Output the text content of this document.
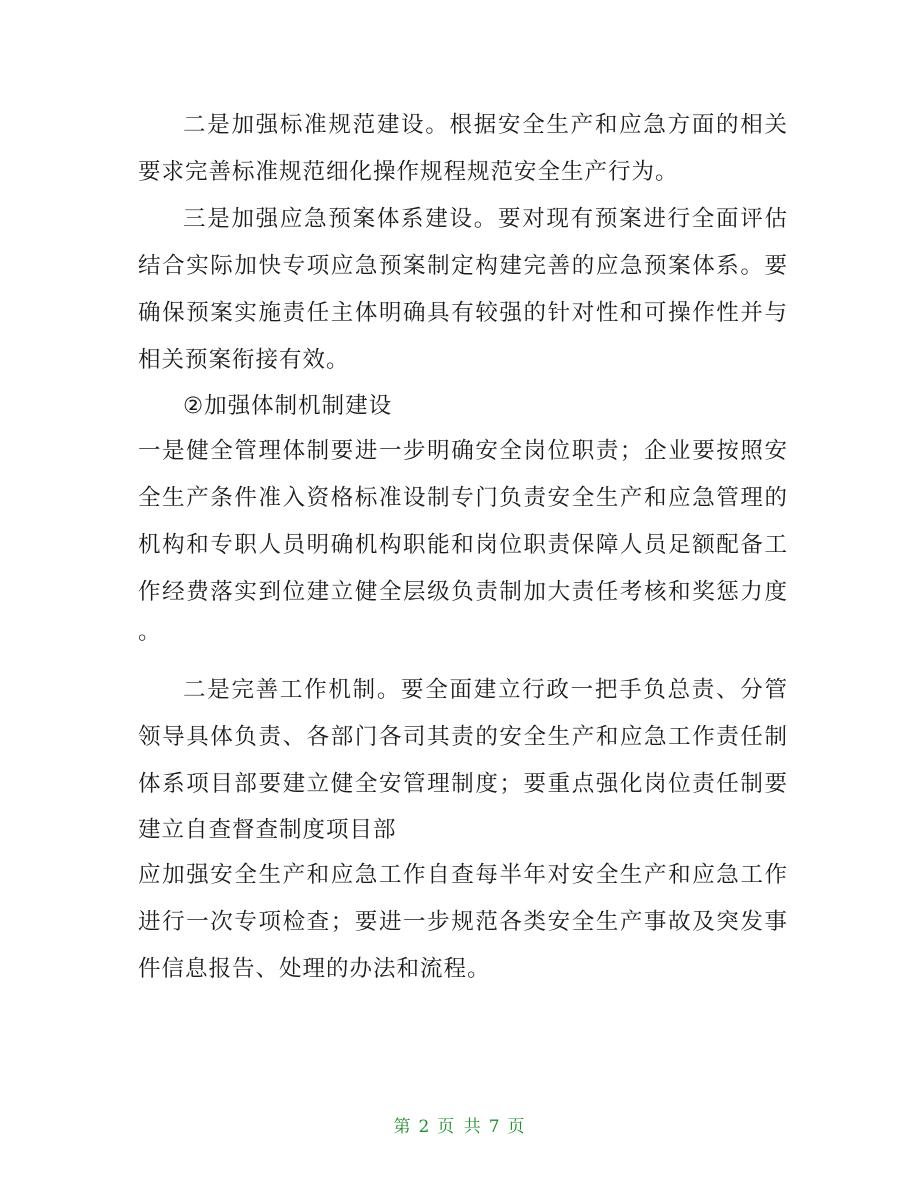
二是加强标准规范建设。根据安全生产和应急方面的相关
要求完善标准规范细化操作规程规范安全生产行为。
三是加强应急预案体系建设。要对现有预案进行全面评估
结合实际加快专项应急预案制定构建完善的应急预案体系。要
确保预案实施责任主体明确具有较强的针对性和可操作性并与
相关预案衔接有效。
②加强体制机制建设
一是健全管理体制要进一步明确安全岗位职责；企业要按照安
全生产条件准入资格标准设制专门负责安全生产和应急管理的
机构和专职人员明确机构职能和岗位职责保障人员足额配备工
作经费落实到位建立健全层级负责制加大责任考核和奖惩力度
。
二是完善工作机制。要全面建立行政一把手负总责、分管
领导具体负责、各部门各司其责的安全生产和应急工作责任制
体系项目部要建立健全安管理制度；要重点强化岗位责任制要
建立自查督查制度项目部
应加强安全生产和应急工作自查每半年对安全生产和应急工作
进行一次专项检查；要进一步规范各类安全生产事故及突发事
件信息报告、处理的办法和流程。
第 2 页 共 7 页
